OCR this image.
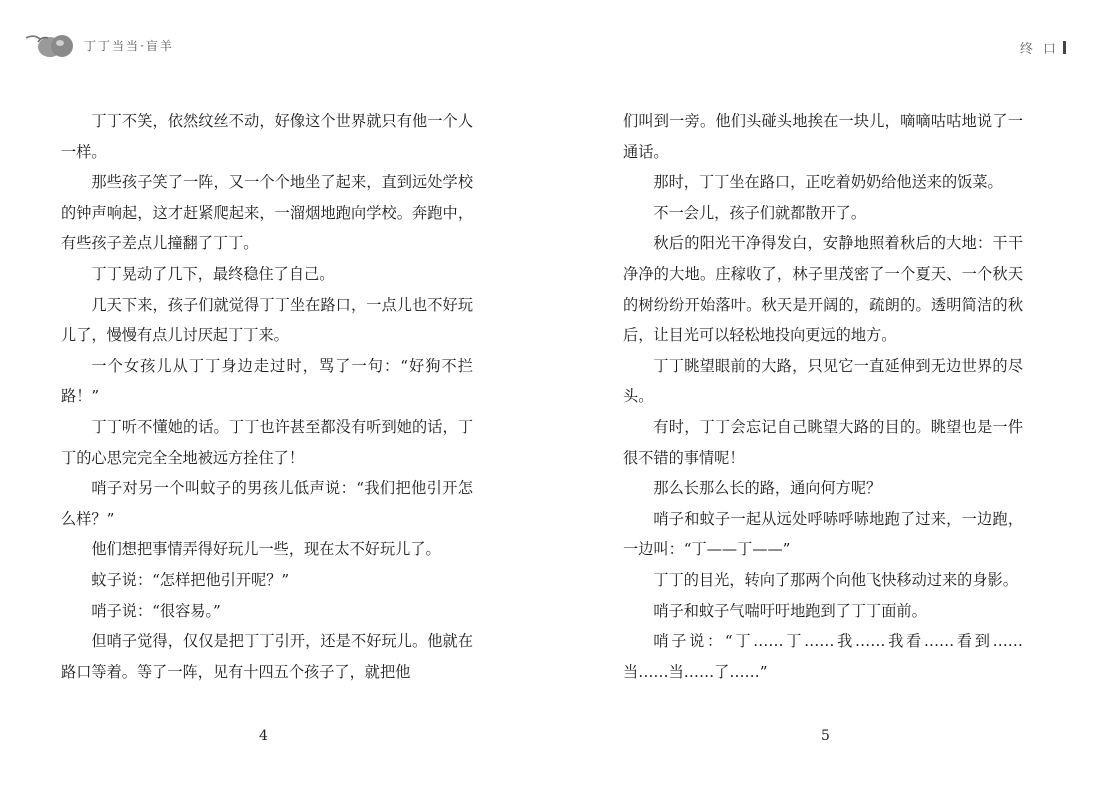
丁丁当当·盲羊	终 口

丁丁不笑，依然纹丝不动，好像这个世界就只有他一个人一样。

那些孩子笑了一阵，又一个个地坐了起来，直到远处学校的钟声响起，这才赶紧爬起来，一溜烟地跑向学校。奔跑中，有些孩子差点儿撞翻了丁丁。

丁丁晃动了几下，最终稳住了自己。

几天下来，孩子们就觉得丁丁坐在路口，一点儿也不好玩儿了，慢慢有点儿讨厌起丁丁来。

一个女孩儿从丁丁身边走过时，骂了一句：“好狗不拦路！”

丁丁听不懂她的话。丁丁也许甚至都没有听到她的话，丁丁的心思完完全全地被远方拴住了！

哨子对另一个叫蚊子的男孩儿低声说：“我们把他引开怎么样？”

他们想把事情弄得好玩儿一些，现在太不好玩儿了。

蚊子说：“怎样把他引开呢？”

哨子说：“很容易。”

但哨子觉得，仅仅是把丁丁引开，还是不好玩儿。他就在路口等着。等了一阵，见有十四五个孩子了，就把他

们叫到一旁。他们头碰头地挨在一块儿，嘀嘀咕咕地说了一通话。

那时，丁丁坐在路口，正吃着奶奶给他送来的饭菜。

不一会儿，孩子们就都散开了。

秋后的阳光干净得发白，安静地照着秋后的大地：干干净净的大地。庄稼收了，林子里茂密了一个夏天、一个秋天的树纷纷开始落叶。秋天是开阔的，疏朗的。透明简洁的秋后，让目光可以轻松地投向更远的地方。

丁丁眺望眼前的大路，只见它一直延伸到无边世界的尽头。

有时，丁丁会忘记自己眺望大路的目的。眺望也是一件很不错的事情呢！

那么长那么长的路，通向何方呢？

哨子和蚊子一起从远处呼哧呼哧地跑了过来，一边跑，一边叫：“丁——丁——”

丁丁的目光，转向了那两个向他飞快移动过来的身影。

哨子和蚊子气喘吁吁地跑到了丁丁面前。

哨子说：“丁……丁……我……我看……看到……当……当……了……”

4	5
